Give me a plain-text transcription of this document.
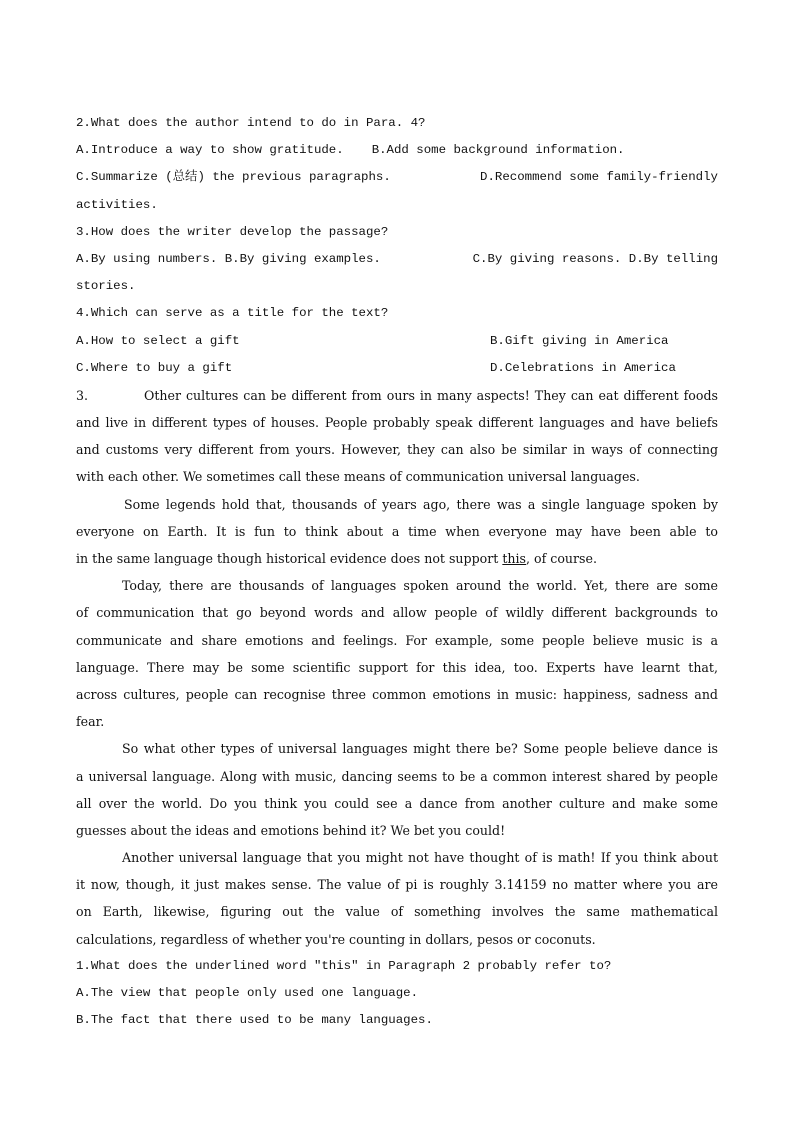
2.What does the author intend to do in Para. 4?
A.Introduce a way to show gratitude. B.Add some background information.
C.Summarize (总结) the previous paragraphs.	D.Recommend some family-friendly
activities.
3.How does the writer develop the passage?
A.By using numbers. B.By giving examples.	C.By giving reasons. D.By telling
stories.
4.Which can serve as a title for the text?
A.How to select a gift	B.Gift giving in America
C.Where to buy a gift	D.Celebrations in America
3.	Other cultures can be different from ours in many aspects! They can eat different foods
and live in different types of houses. People probably speak different languages and have beliefs
and customs very different from yours. However, they can also be similar in ways of connecting
with each other. We sometimes call these means of communication universal languages.
Some legends hold that, thousands of years ago, there was a single language spoken by
everyone on Earth. It is fun to think about a time when everyone may have been able to
in the same language though historical evidence does not support this, of course.
Today, there are thousands of languages spoken around the world. Yet, there are some
of communication that go beyond words and allow people of wildly different backgrounds to
communicate and share emotions and feelings. For example, some people believe music is a
language. There may be some scientific support for this idea, too. Experts have learnt that,
across cultures, people can recognise three common emotions in music: happiness, sadness and
fear.
So what other types of universal languages might there be? Some people believe dance is
a universal language. Along with music, dancing seems to be a common interest shared by people
all over the world. Do you think you could see a dance from another culture and make some
guesses about the ideas and emotions behind it? We bet you could!
Another universal language that you might not have thought of is math! If you think about
it now, though, it just makes sense. The value of pi is roughly 3.14159 no matter where you are
on Earth, likewise, figuring out the value of something involves the same mathematical
calculations, regardless of whether you're counting in dollars, pesos or coconuts.
1.What does the underlined word "this" in Paragraph 2 probably refer to?
A.The view that people only used one language.
B.The fact that there used to be many languages.
